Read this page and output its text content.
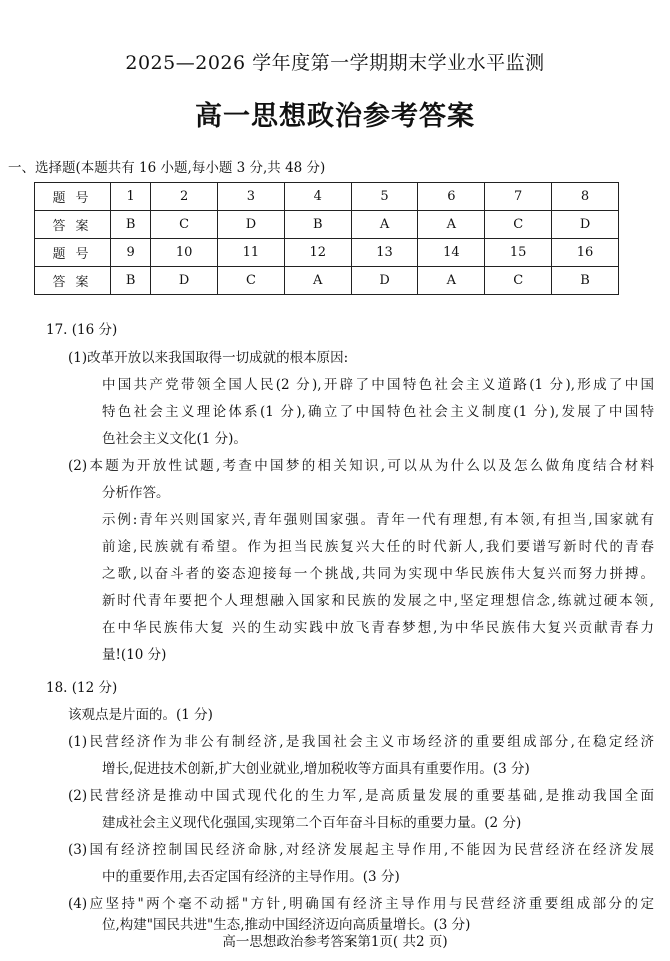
2025—2026 学年度第一学期期末学业水平监测
高一思想政治参考答案
一、选择题(本题共有 16 小题,每小题 3 分,共 48 分)
题号	1	2	3	4	5	6	7	8
答案	B	C	D	B	A	A	C	D
题号	9	10	11	12	13	14	15	16
答案	B	D	C	A	D	A	C	B
17. (16 分)
(1)改革开放以来我国取得一切成就的根本原因:
中国共产党带领全国人民(2 分),开辟了中国特色社会主义道路(1 分),形成了中国
特色社会主义理论体系(1 分),确立了中国特色社会主义制度(1 分),发展了中国特
色社会主义文化(1 分)。
(2)本题为开放性试题,考查中国梦的相关知识,可以从为什么以及怎么做角度结合材料
分析作答。
示例:青年兴则国家兴,青年强则国家强。青年一代有理想,有本领,有担当,国家就有
前途,民族就有希望。作为担当民族复兴大任的时代新人,我们要谱写新时代的青春
之歌,以奋斗者的姿态迎接每一个挑战,共同为实现中华民族伟大复兴而努力拼搏。
新时代青年要把个人理想融入国家和民族的发展之中,坚定理想信念,练就过硬本领,
在中华民族伟大复 兴的生动实践中放飞青春梦想,为中华民族伟大复兴贡献青春力
量!(10 分)
18. (12 分)
该观点是片面的。(1 分)
(1)民营经济作为非公有制经济,是我国社会主义市场经济的重要组成部分,在稳定经济
增长,促进技术创新,扩大创业就业,增加税收等方面具有重要作用。(3 分)
(2)民营经济是推动中国式现代化的生力军,是高质量发展的重要基础,是推动我国全面
建成社会主义现代化强国,实现第二个百年奋斗目标的重要力量。(2 分)
(3)国有经济控制国民经济命脉,对经济发展起主导作用,不能因为民营经济在经济发展
中的重要作用,去否定国有经济的主导作用。(3 分)
(4)应坚持"两个毫不动摇"方针,明确国有经济主导作用与民营经济重要组成部分的定
位,构建"国民共进"生态,推动中国经济迈向高质量增长。(3 分)
高一思想政治参考答案第1页( 共2 页)
